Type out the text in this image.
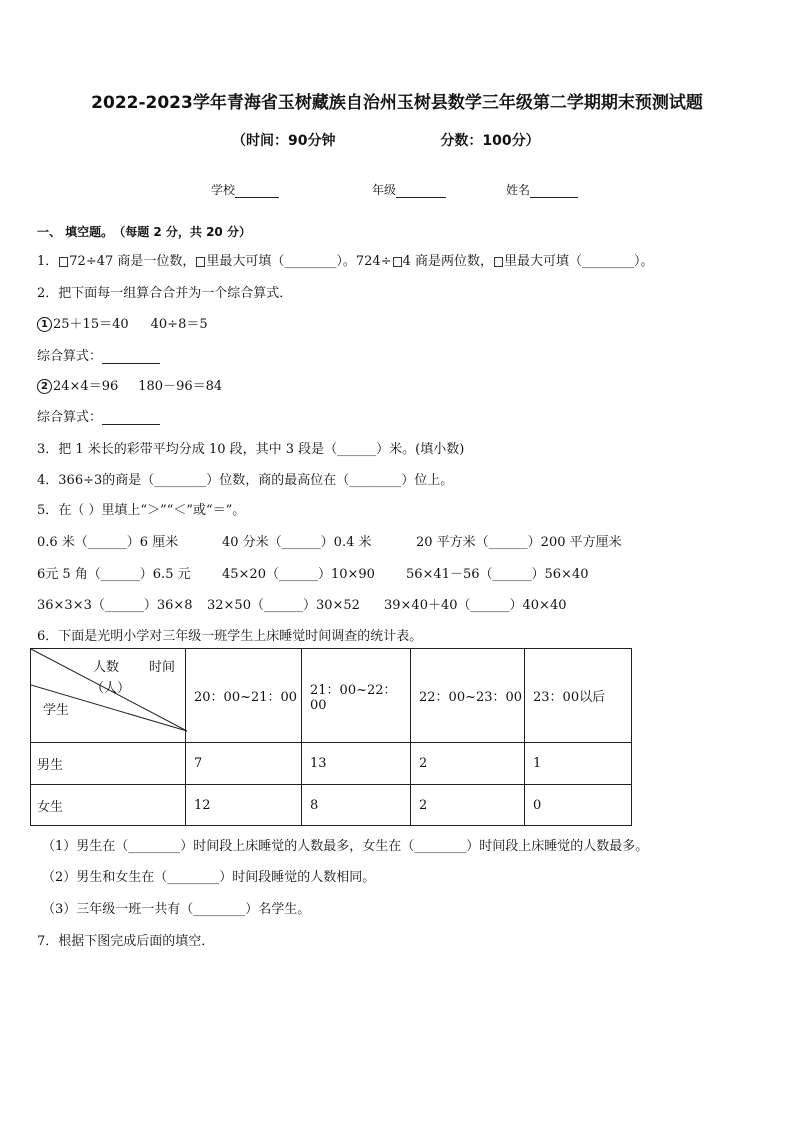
2022-2023学年青海省玉树藏族自治州玉树县数学三年级第二学期期末预测试题
（时间：90分钟	分数：100分）
学校	年级	姓名
一、 填空题。 （每题 2 分，共 20 分）
1． 72÷47 商是一位数， 里最大可填（________）。724÷ 4 商是两位数， 里最大可填（________）。
2．把下面每一组算合合并为一个综合算式．
1 25＋15＝40 40÷8＝5
综合算式：
2 24×4＝96 180－96＝84
综合算式：
3．把 1 米长的彩带平均分成 10 段，其中 3 段是（______）米。(填小数)
4．366÷3的商是（________）位数，商的最高位在（________）位上。
5．在（ ）里填上“＞”“＜”或“＝”。
0.6 米（______）6 厘米	40 分米（______）0.4 米	20 平方米（______）200 平方厘米
6元 5 角（______）6.5 元 45×20（______）10×90 56×41－56（______）56×40
36×3×3（______）36×8 32×50（______）30×52 39×40＋40（______）40×40
6．下面是光明小学对三年级一班学生上床睡觉时间调查的统计表。
人数
（人）
时间
学生	20：00~21：00	21：00~22：00	22：00~23：00	23：00以后
男生	7	13	2	1
女生	12	8	2	0
（1）男生在（________）时间段上床睡觉的人数最多，女生在（________）时间段上床睡觉的人数最多。
（2）男生和女生在（________）时间段睡觉的人数相同。
（3）三年级一班一共有（________）名学生。
7．根据下图完成后面的填空．
